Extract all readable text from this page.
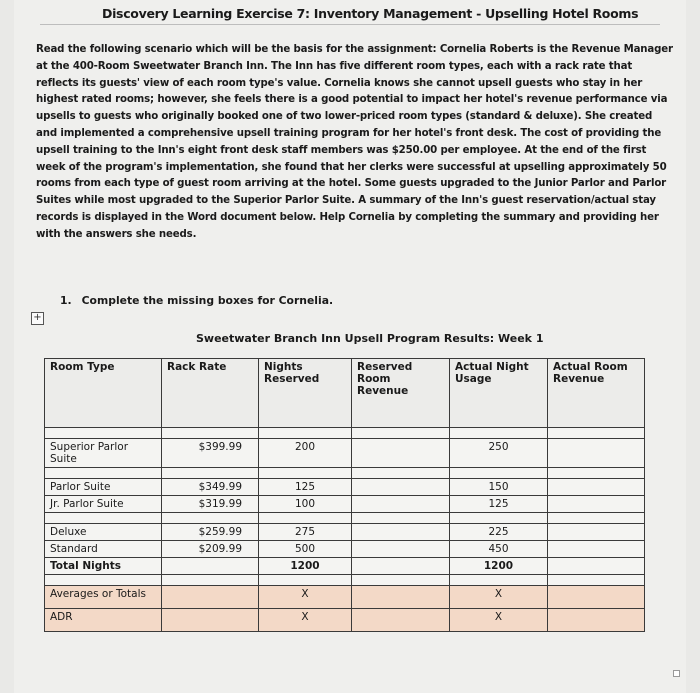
Discovery Learning Exercise 7: Inventory Management - Upselling Hotel Rooms
Read the following scenario which will be the basis for the assignment: Cornelia Roberts is the Revenue Manager at the 400-Room Sweetwater Branch Inn. The Inn has five different room types, each with a rack rate that reflects its guests' view of each room type's value. Cornelia knows she cannot upsell guests who stay in her highest rated rooms; however, she feels there is a good potential to impact her hotel's revenue performance via upsells to guests who originally booked one of two lower-priced room types (standard & deluxe). She created and implemented a comprehensive upsell training program for her hotel's front desk. The cost of providing the upsell training to the Inn's eight front desk staff members was $250.00 per employee. At the end of the first week of the program's implementation, she found that her clerks were successful at upselling approximately 50 rooms from each type of guest room arriving at the hotel. Some guests upgraded to the Junior Parlor and Parlor Suites while most upgraded to the Superior Parlor Suite. A summary of the Inn's guest reservation/actual stay records is displayed in the Word document below. Help Cornelia by completing the summary and providing her with the answers she needs.
1. Complete the missing boxes for Cornelia.
+
Sweetwater Branch Inn Upsell Program Results: Week 1
Room Type	Rack Rate	Nights Reserved	Reserved Room Revenue	Actual Night Usage	Actual Room Revenue

Superior Parlor Suite	$399.99	200		250	

Parlor Suite	$349.99	125		150	
Jr. Parlor Suite	$319.99	100		125	

Deluxe	$259.99	275		225	
Standard	$209.99	500		450	
Total Nights		1200		1200	

Averages or Totals		X		X	
ADR		X		X	
